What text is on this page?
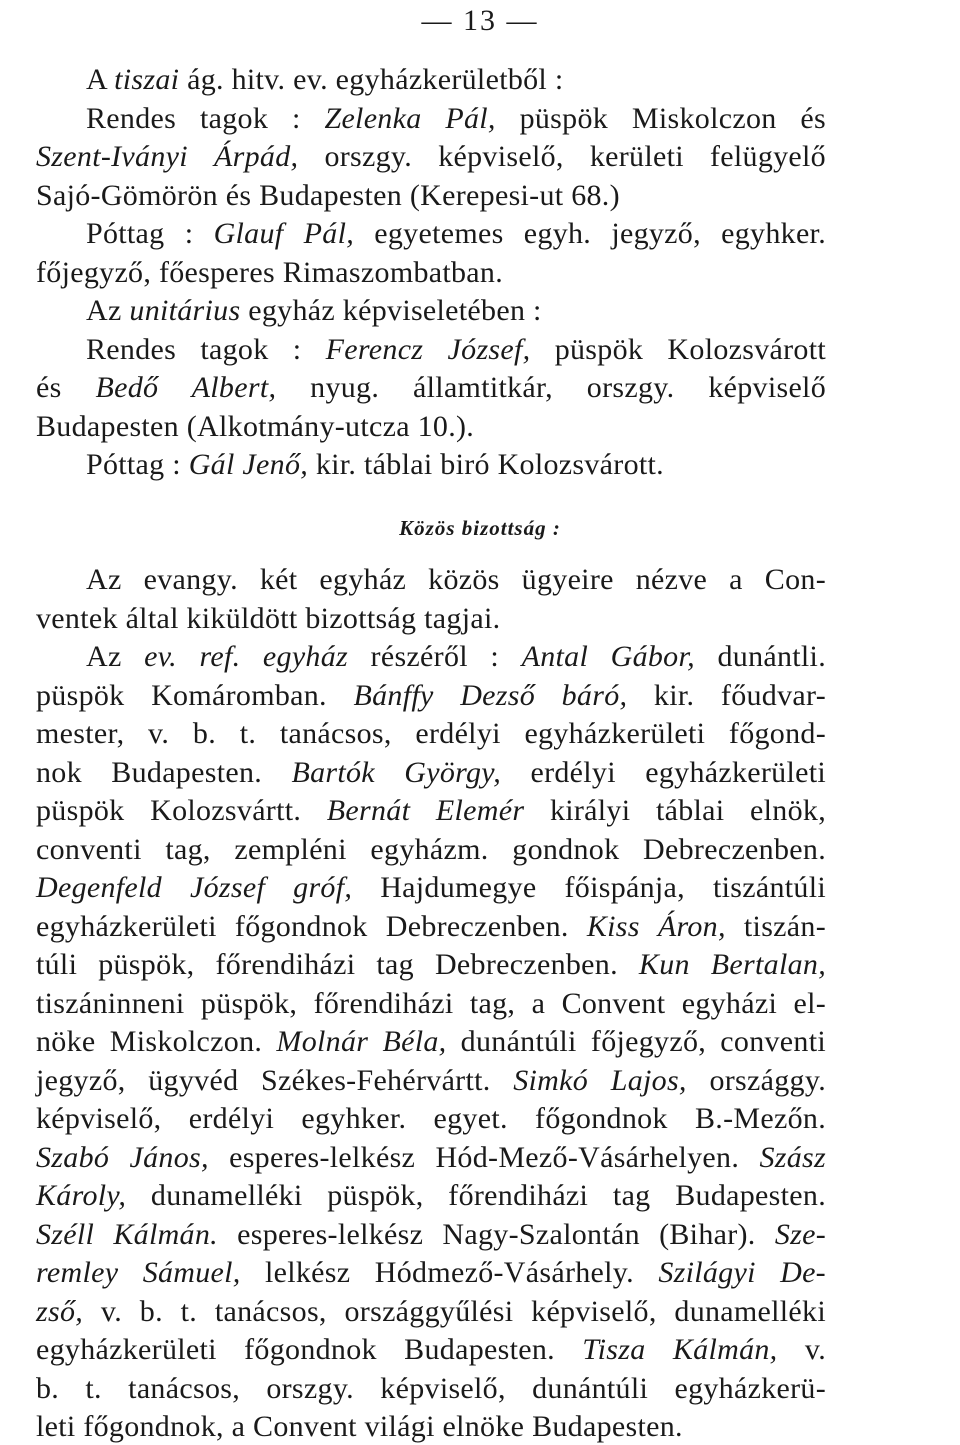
— 13 —
A tiszai ág. hitv. ev. egyházkerületből :
Rendes tagok : Zelenka Pál, püspök Miskolczon és
Szent-Iványi Árpád, orszgy. képviselő, kerületi felügyelő
Sajó-Gömörön és Budapesten (Kerepesi-ut 68.)
Póttag : Glauf Pál, egyetemes egyh. jegyző, egyhker.
főjegyző, főesperes Rimaszombatban.
Az unitárius egyház képviseletében :
Rendes tagok : Ferencz József, püspök Kolozsvárott
és Bedő Albert, nyug. államtitkár, orszgy. képviselő
Budapesten (Alkotmány-utcza 10.).
Póttag : Gál Jenő, kir. táblai biró Kolozsvárott.
Közös bizottság :
Az evangy. két egyház közös ügyeire nézve a Con-
ventek által kiküldött bizottság tagjai.
Az ev. ref. egyház részéről : Antal Gábor, dunántli.
püspök Komáromban. Bánffy Dezső báró, kir. főudvar-
mester, v. b. t. tanácsos, erdélyi egyházkerületi főgond-
nok Budapesten. Bartók György, erdélyi egyházkerületi
püspök Kolozsvártt. Bernát Elemér királyi táblai elnök,
conventi tag, zempléni egyházm. gondnok Debreczenben.
Degenfeld József gróf, Hajdumegye főispánja, tiszántúli
egyházkerületi főgondnok Debreczenben. Kiss Áron, tiszán-
túli püspök, főrendiházi tag Debreczenben. Kun Bertalan,
tiszáninneni püspök, főrendiházi tag, a Convent egyházi el-
nöke Miskolczon. Molnár Béla, dunántúli főjegyző, conventi
jegyző, ügyvéd Székes-Fehérvártt. Simkó Lajos, országgy.
képviselő, erdélyi egyhker. egyet. főgondnok B.-Mezőn.
Szabó János, esperes-lelkész Hód-Mező-Vásárhelyen. Szász
Károly, dunamelléki püspök, főrendiházi tag Budapesten.
Széll Kálmán. esperes-lelkész Nagy-Szalontán (Bihar). Sze-
remley Sámuel, lelkész Hódmező-Vásárhely. Szilágyi De-
zső, v. b. t. tanácsos, országgyűlési képviselő, dunamelléki
egyházkerületi főgondnok Budapesten. Tisza Kálmán, v.
b. t. tanácsos, orszgy. képviselő, dunántúli egyházkerü-
leti főgondnok, a Convent világi elnöke Budapesten.
